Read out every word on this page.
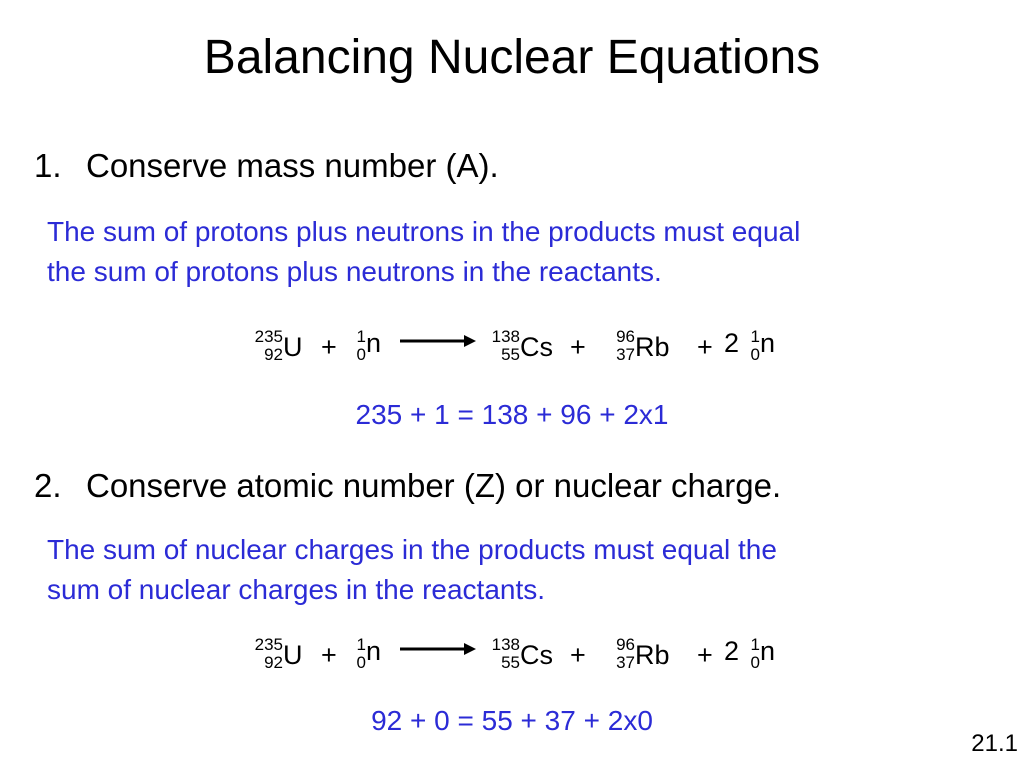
Balancing Nuclear Equations
1. Conserve mass number (A).
The sum of protons plus neutrons in the products must equal
the sum of protons plus neutrons in the reactants.
235
92 U + 1
0 n	138
55 Cs + 96
37 Rb + 2 1
0 n
235 + 1 = 138 + 96 + 2x1
2. Conserve atomic number (Z) or nuclear charge.
The sum of nuclear charges in the products must equal the
sum of nuclear charges in the reactants.
235
92 U + 1
0 n	138
55 Cs + 96
37 Rb + 2 1
0 n
92 + 0 = 55 + 37 + 2x0
21.1
